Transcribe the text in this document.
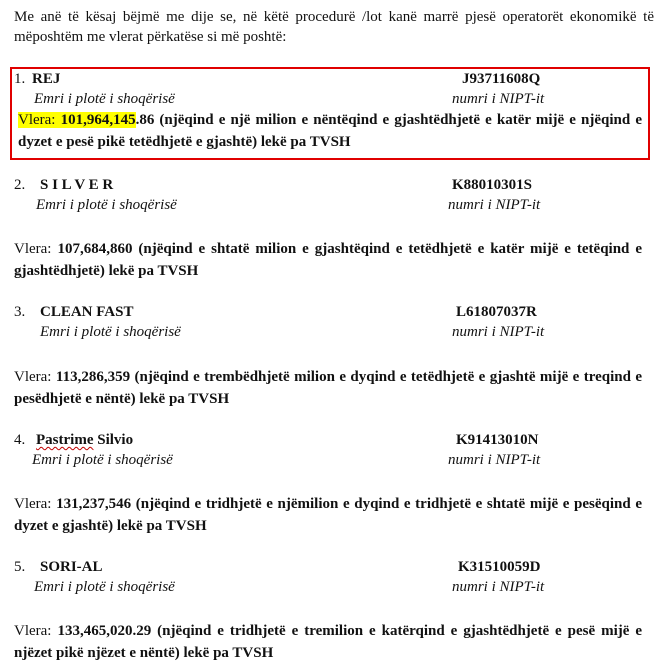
Me anë të kësaj bëjmë me dije se, në këtë procedurë /lot kanë marrë pjesë operatorët ekonomikë të mëposhtëm me vlerat përkatëse si më poshtë:
1. REJ	J93711608Q
Emri i plotë i shoqërisë	numri i NIPT-it
Vlera: 101,964,145.86 (njëqind e një milion e nëntëqind e gjashtëdhjetë e katër mijë e njëqind e dyzet e pesë pikë tetëdhjetë e gjashtë) lekë pa TVSH
2. S I L V E R	K88010301S
Emri i plotë i shoqërisë	numri i NIPT-it
Vlera: 107,684,860 (njëqind e shtatë milion e gjashtëqind e tetëdhjetë e katër mijë e tetëqind e gjashtëdhjetë) lekë pa TVSH
3. CLEAN FAST	L61807037R
Emri i plotë i shoqërisë	numri i NIPT-it
Vlera: 113,286,359 (njëqind e trembëdhjetë milion e dyqind e tetëdhjetë e gjashtë mijë e treqind e pesëdhjetë e nëntë) lekë pa TVSH
4. Pastrime Silvio	K91413010N
Emri i plotë i shoqërisë	numri i NIPT-it
Vlera: 131,237,546 (njëqind e tridhjetë e njëmilion e dyqind e tridhjetë e shtatë mijë e pesëqind e dyzet e gjashtë) lekë pa TVSH
5. SORI-AL	K31510059D
Emri i plotë i shoqërisë	numri i NIPT-it
Vlera: 133,465,020.29 (njëqind e tridhjetë e tremilion e katërqind e gjashtëdhjetë e pesë mijë e njëzet pikë njëzet e nëntë) lekë pa TVSH
